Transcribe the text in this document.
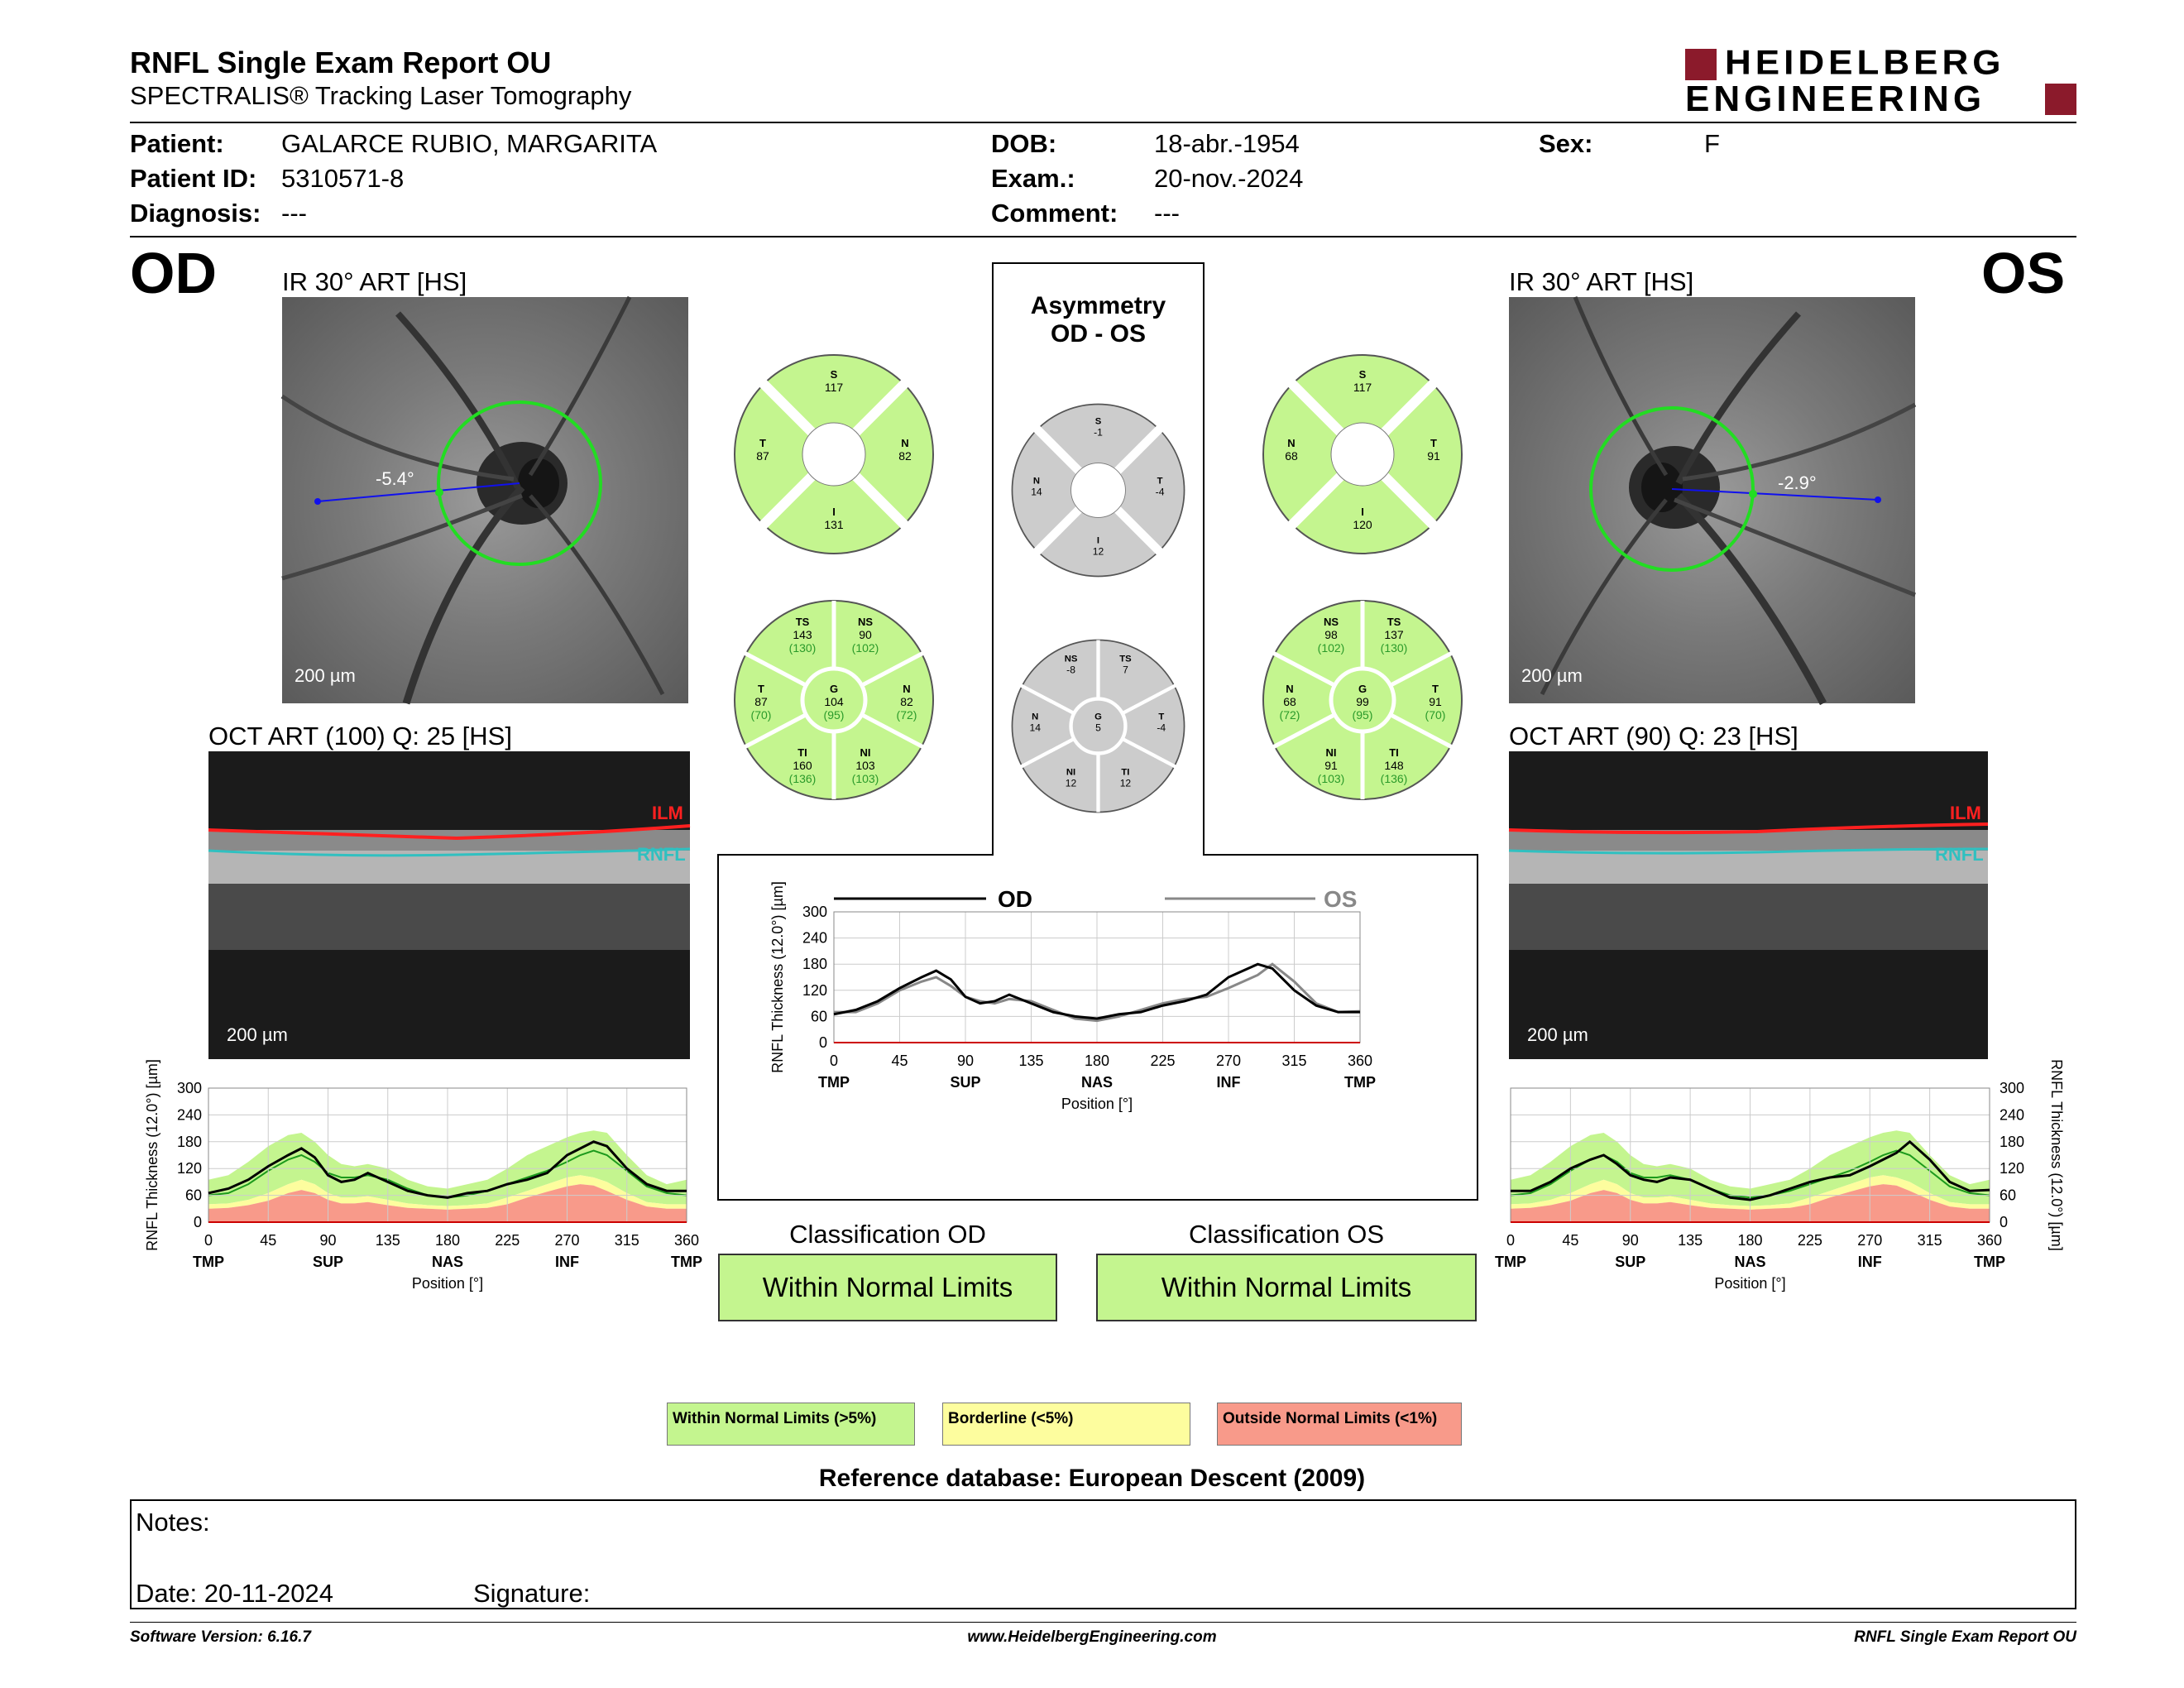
RNFL Single Exam Report OU
SPECTRALIS® Tracking Laser Tomography
HEIDELBERG
ENGINEERING
Patient: GALARCE RUBIO, MARGARITA
Patient ID: 5310571-8
Diagnosis: ---
DOB:	18-abr.-1954
Exam.:	20-nov.-2024
Comment: ---
Sex:	F
OD	OS
IR 30° ART [HS]
-5.4°
200 µm
IR 30° ART [HS]
-2.9°
200 µm
OCT ART (100) Q: 25 [HS]
ILM
RNFL
200 µm
OCT ART (90) Q: 23 [HS]
ILM
RNFL
200 µm
Asymmetry
OD - OS
S
117
I
131
T
87
N
82
S
-1
I
12
N
14
T
-4
S
117
I
120
N
68
T
91
TS
143
(130)
NS
90
(102)
T
87
(70)
G
104
(95)
N
82
(72)
TI
160
(136)
NI
103
(103)
NS
-8
TS
7
N
14
G
5
T
-4
NI
12
TI
12
NS
98
(102)
TS
137
(130)
N
68
(72)
G
99
(95)
T
91
(70)
NI
91
(103)
TI
148
(136)
300
240
180
120
60
0
0	45	90	135 180 225 270 315 360
TMP	SUP	NAS	INF	TMP
Position [°]
RNFL Thickness (12.0°) [µm]	300
240
180
120
60
0
0	45	90	135 180 225 270 315 360
TMP	SUP	NAS	INF	TMP
Position [°]
RNFL Thickness (12.0°) [µm]
300
240
180
120
60
0
0	45	90	135	180	225	270	315	360
TMP	SUP	NAS	INF	TMP
Position [°]
RNFL Thickness (12.0°) [µm]	OD	OS
Classification OD
Within Normal Limits
Classification OS
Within Normal Limits
Within Normal Limits (>5%)	Borderline (<5%)	Outside Normal Limits (<1%)
Reference database: European Descent (2009)
Notes:
Date: 20-11-2024	Signature:
Software Version: 6.16.7	www.HeidelbergEngineering.com	RNFL Single Exam Report OU
